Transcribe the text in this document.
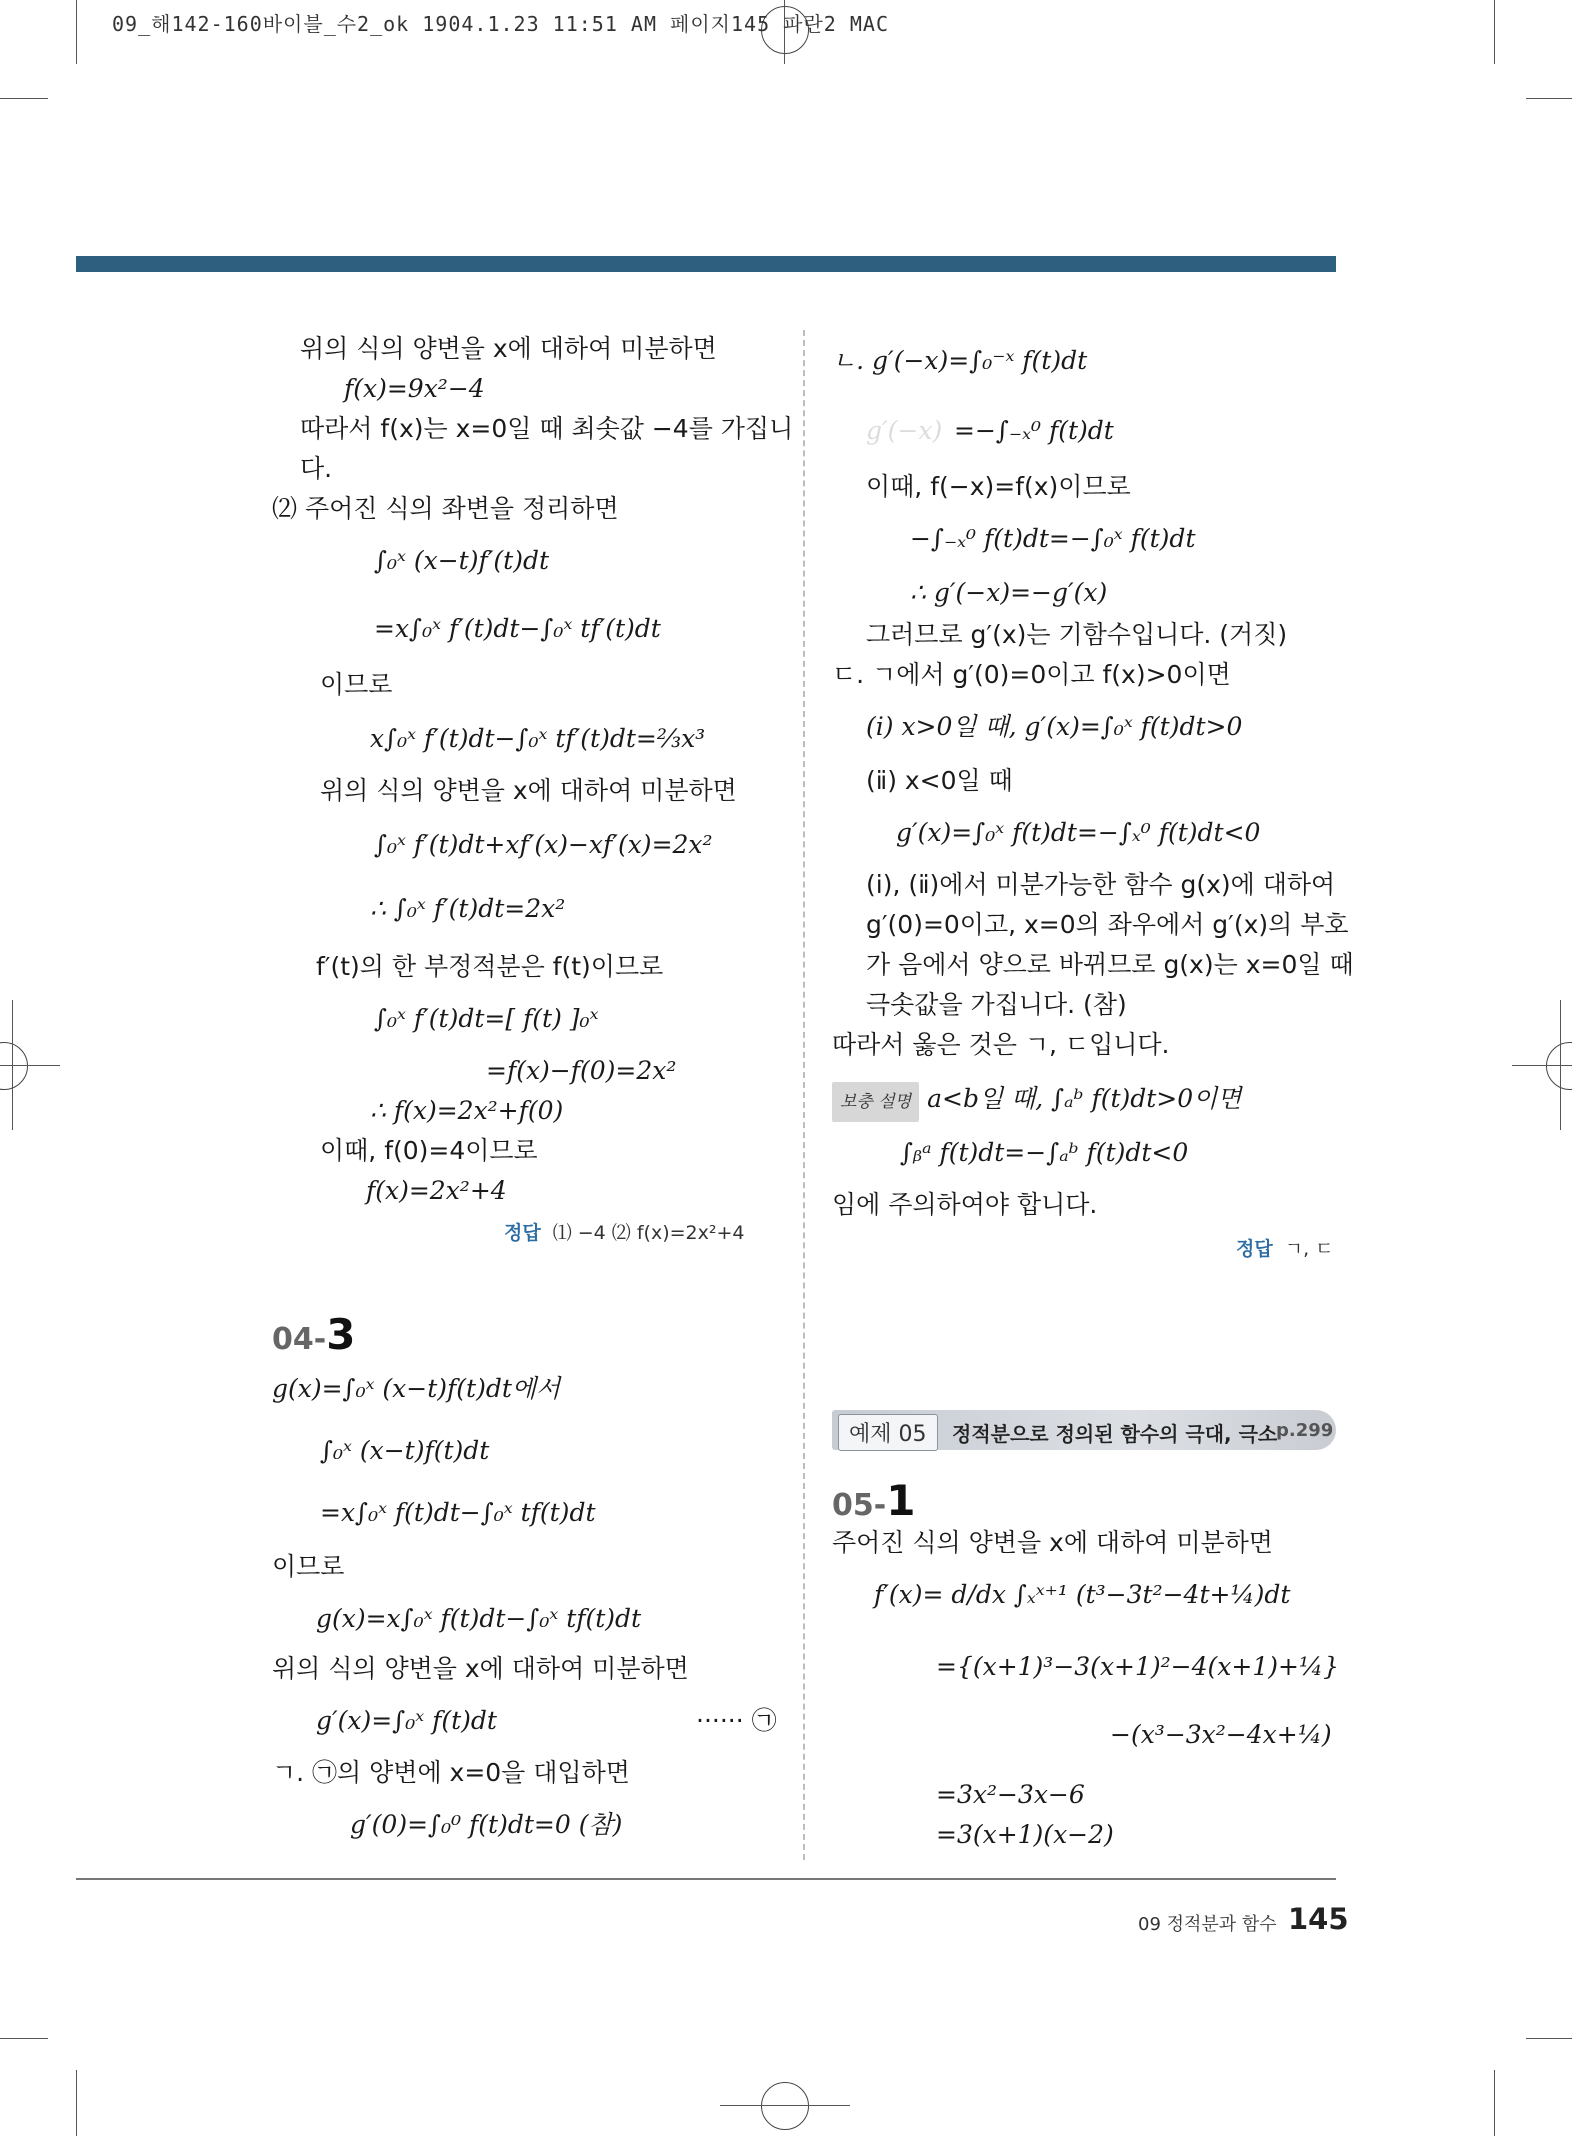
09_해142-160바이블_수2_ok 1904.1.23 11:51 AM 페이지145 파란2 MAC
위의 식의 양변을 x에 대하여 미분하면
f(x)=9x²−4
따라서 f(x)는 x=0일 때 최솟값 −4를 가집니
다.
⑵ 주어진 식의 좌변을 정리하면
∫₀ˣ (x−t)f′(t)dt
=x∫₀ˣ f′(t)dt−∫₀ˣ tf′(t)dt
이므로
x∫₀ˣ f′(t)dt−∫₀ˣ tf′(t)dt=⅔x³
위의 식의 양변을 x에 대하여 미분하면
∫₀ˣ f′(t)dt+xf′(x)−xf′(x)=2x²
∴ ∫₀ˣ f′(t)dt=2x²
f′(t)의 한 부정적분은 f(t)이므로
∫₀ˣ f′(t)dt=[ f(t) ]₀ˣ
=f(x)−f(0)=2x²
∴ f(x)=2x²+f(0)
이때, f(0)=4이므로
f(x)=2x²+4
정답 ⑴ −4 ⑵ f(x)=2x²+4
04-3
g(x)=∫₀ˣ (x−t)f(t)dt에서
∫₀ˣ (x−t)f(t)dt
=x∫₀ˣ f(t)dt−∫₀ˣ tf(t)dt
이므로
g(x)=x∫₀ˣ f(t)dt−∫₀ˣ tf(t)dt
위의 식의 양변을 x에 대하여 미분하면
g′(x)=∫₀ˣ f(t)dt	······ ㉠
ㄱ. ㉠의 양변에 x=0을 대입하면
g′(0)=∫₀⁰ f(t)dt=0 (참)
ㄴ. g′(−x)=∫₀⁻ˣ f(t)dt
g′(−x) =−∫₋ₓ⁰ f(t)dt
이때, f(−x)=f(x)이므로
−∫₋ₓ⁰ f(t)dt=−∫₀ˣ f(t)dt
∴ g′(−x)=−g′(x)
그러므로 g′(x)는 기함수입니다. (거짓)
ㄷ. ㄱ에서 g′(0)=0이고 f(x)>0이면
(ⅰ) x>0일 때, g′(x)=∫₀ˣ f(t)dt>0
(ⅱ) x<0일 때
g′(x)=∫₀ˣ f(t)dt=−∫ₓ⁰ f(t)dt<0
(ⅰ), (ⅱ)에서 미분가능한 함수 g(x)에 대하여
g′(0)=0이고, x=0의 좌우에서 g′(x)의 부호
가 음에서 양으로 바뀌므로 g(x)는 x=0일 때
극솟값을 가집니다. (참)
따라서 옳은 것은 ㄱ, ㄷ입니다.
보충 설명 a<b일 때, ∫ₐᵇ f(t)dt>0이면
∫ᵦᵃ f(t)dt=−∫ₐᵇ f(t)dt<0
임에 주의하여야 합니다.
정답 ㄱ, ㄷ
예제 05	정적분으로 정의된 함수의 극대, 극소
p.299
05-1
주어진 식의 양변을 x에 대하여 미분하면
f′(x)= d/dx ∫ₓˣ⁺¹ (t³−3t²−4t+¼)dt
={(x+1)³−3(x+1)²−4(x+1)+¼}
−(x³−3x²−4x+¼)
=3x²−3x−6
=3(x+1)(x−2)
09 정적분과 함수 145
